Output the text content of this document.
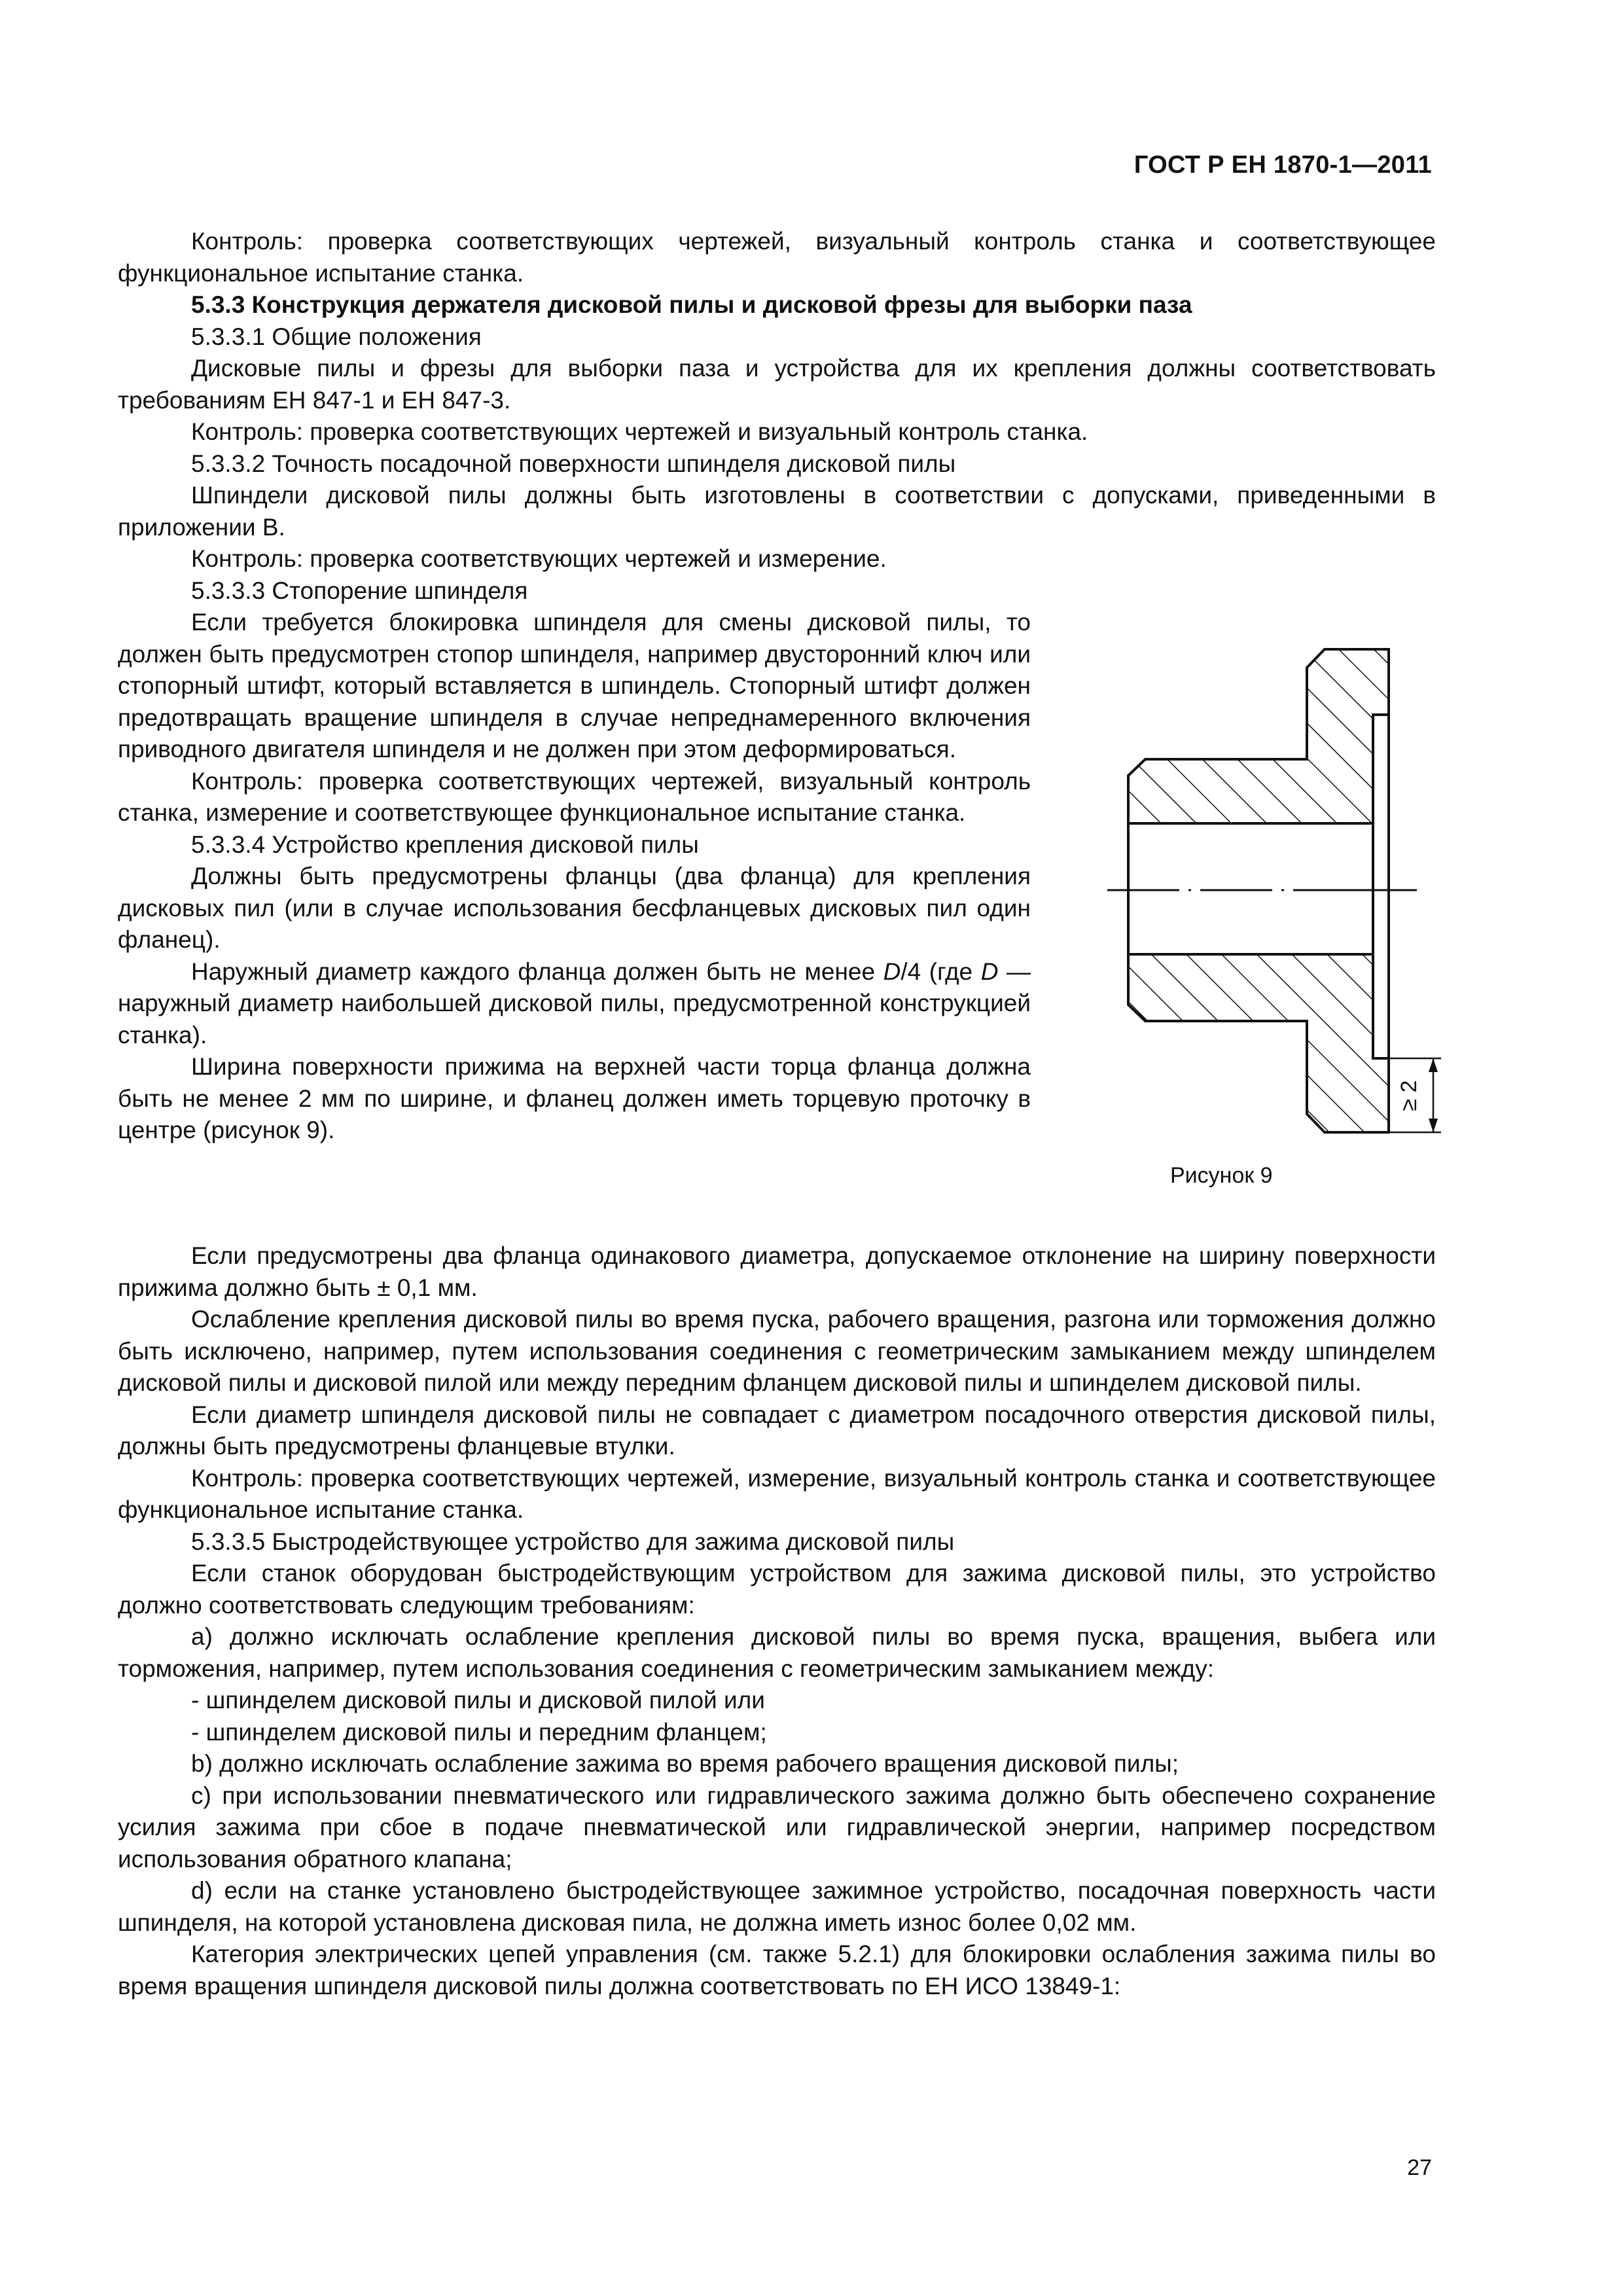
ГОСТ Р ЕН 1870-1—2011

Контроль: проверка соответствующих чертежей, визуальный контроль станка и соответствующее функциональное испытание станка.

5.3.3 Конструкция держателя дисковой пилы и дисковой фрезы для выборки паза

5.3.3.1 Общие положения

Дисковые пилы и фрезы для выборки паза и устройства для их крепления должны соответствовать требованиям ЕН 847-1 и ЕН 847-3.

Контроль: проверка соответствующих чертежей и визуальный контроль станка.

5.3.3.2 Точность посадочной поверхности шпинделя дисковой пилы

Шпиндели дисковой пилы должны быть изготовлены в соответствии с допусками, приведенными в приложении В.

Контроль: проверка соответствующих чертежей и измерение.

5.3.3.3 Стопорение шпинделя

Если требуется блокировка шпинделя для смены дисковой пилы, то должен быть предусмотрен стопор шпинделя, например двусторонний ключ или стопорный штифт, который вставляется в шпиндель. Стопорный штифт должен предотвращать вращение шпинделя в случае непреднамеренного включения приводного двигателя шпинделя и не должен при этом деформироваться.

Контроль: проверка соответствующих чертежей, визуальный контроль станка, измерение и соответствующее функциональное испытание станка.

5.3.3.4 Устройство крепления дисковой пилы

Должны быть предусмотрены фланцы (два фланца) для крепления дисковых пил (или в случае использования бесфланцевых дисковых пил один фланец).

Наружный диаметр каждого фланца должен быть не менее D/4 (где D — наружный диаметр наибольшей дисковой пилы, предусмотренной конструкцией станка).

Ширина поверхности прижима на верхней части торца фланца должна быть не менее 2 мм по ширине, и фланец должен иметь торцевую проточку в центре (рисунок 9).

Если предусмотрены два фланца одинакового диаметра, допускаемое отклонение на ширину поверхности прижима должно быть ± 0,1 мм.

Ослабление крепления дисковой пилы во время пуска, рабочего вращения, разгона или торможения должно быть исключено, например, путем использования соединения с геометрическим замыканием между шпинделем дисковой пилы и дисковой пилой или между передним фланцем дисковой пилы и шпинделем дисковой пилы.

Если диаметр шпинделя дисковой пилы не совпадает с диаметром посадочного отверстия дисковой пилы, должны быть предусмотрены фланцевые втулки.

Контроль: проверка соответствующих чертежей, измерение, визуальный контроль станка и соответствующее функциональное испытание станка.

5.3.3.5 Быстродействующее устройство для зажима дисковой пилы

Если станок оборудован быстродействующим устройством для зажима дисковой пилы, это устройство должно соответствовать следующим требованиям:

а) должно исключать ослабление крепления дисковой пилы во время пуска, вращения, выбега или торможения, например, путем использования соединения с геометрическим замыканием между:

- шпинделем дисковой пилы и дисковой пилой или

- шпинделем дисковой пилы и передним фланцем;

b) должно исключать ослабление зажима во время рабочего вращения дисковой пилы;

c) при использовании пневматического или гидравлического зажима должно быть обеспечено сохранение усилия зажима при сбое в подаче пневматической или гидравлической энергии, например посредством использования обратного клапана;

d) если на станке установлено быстродействующее зажимное устройство, посадочная поверхность части шпинделя, на которой установлена дисковая пила, не должна иметь износ более 0,02 мм.

Категория электрических цепей управления (см. также 5.2.1) для блокировки ослабления зажима пилы во время вращения шпинделя дисковой пилы должна соответствовать по ЕН ИСО 13849-1:

≥ 2
Рисунок 9
27
